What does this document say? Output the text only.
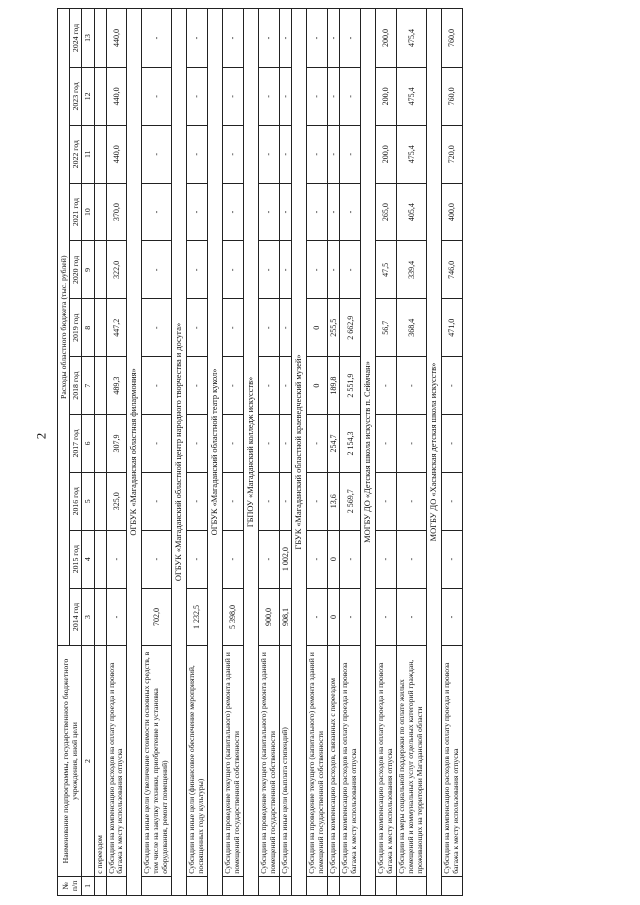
2
№ п/п	Наименование подпрограммы, государственного бюджетного учреждения, иной цели	Расходы областного бюджета (тыс. рублей)										
		2014 год	2015 год	2016 год	2017 год	2018 год	2019 год	2020 год	2021 год	2022 год	2023 год	2024 год
1	2	3	4	5	6	7	8	9	10	11	12	13
	с переездом											
	Субсидии на компенсацию расходов на оплату проезда и провоза багажа к месту использования отпуска	-	-	325,0	307,9	489,3	447,2	322,0	370,0	440,0	440,0	440,0
ОГБУК «Магаданская областная филармония»												
	Субсидии на иные цели (увеличение стоимости основных средств, в том числе на закупку техники, приобретение и установка оборудования, ремонт помещений)	702,0	-	-	-	-	-	-	-	-	-	-
ОГБУК «Магаданский областной центр народного творчества и досуга»												
	Субсидии на иные цели (финансовое обеспечение мероприятий, посвященных году культуры)	1 232,5	-	-	-	-	-	-	-	-	-	-
ОГБУК «Магаданский областной театр кукол»												
	Субсидии на проведение текущего (капитального) ремонта зданий и помещений государственной собственности	5 398,0	-	-	-	-	-	-	-	-	-	-
ГБПОУ «Магаданский колледж искусств»												
	Субсидии на проведение текущего (капитального) ремонта зданий и помещений государственной собственности	900,0	-	-	-	-	-	-	-	-	-	-
	Субсидии на иные цели (выплата стипендий)	908,1	1 002,0	-	-	-	-	-	-	-	-	-
ГБУК «Магаданский областной краеведческий музей»												
	Субсидии на проведение текущего (капитального) ремонта зданий и помещений государственной собственности	-	-	-	-	0	0	-	-	-	-	-
	Субсидии на компенсацию расходов, связанных с переездом	0	0	13,6	254,7	189,8	255,5	-	-	-	-	-
	Субсидии на компенсацию расходов на оплату проезда и провоза багажа к месту использования отпуска	-	-	2 569,7	2 154,3	2 551,9	2 662,9	-	-	-	-	-
МОГБУ ДО «Детская школа искусств п. Сеймчан»												
	Субсидии на компенсацию расходов на оплату проезда и провоза багажа к месту использования отпуска	-	-	-	-	-	56,7	47,5	265,0	200,0	200,0	200,0
	Субсидии на меры социальной поддержки по оплате жилых помещений и коммунальных услуг отдельных категорий граждан, проживающих на территории Магаданской области	-	-	-	-	-	368,4	339,4	405,4	475,4	475,4	475,4
МОГБУ ДО «Хасынская детская школа искусств»												
	Субсидии на компенсацию расходов на оплату проезда и провоза багажа к месту использования отпуска	-	-	-	-	-	471,0	746,0	400,0	720,0	760,0	760,0
